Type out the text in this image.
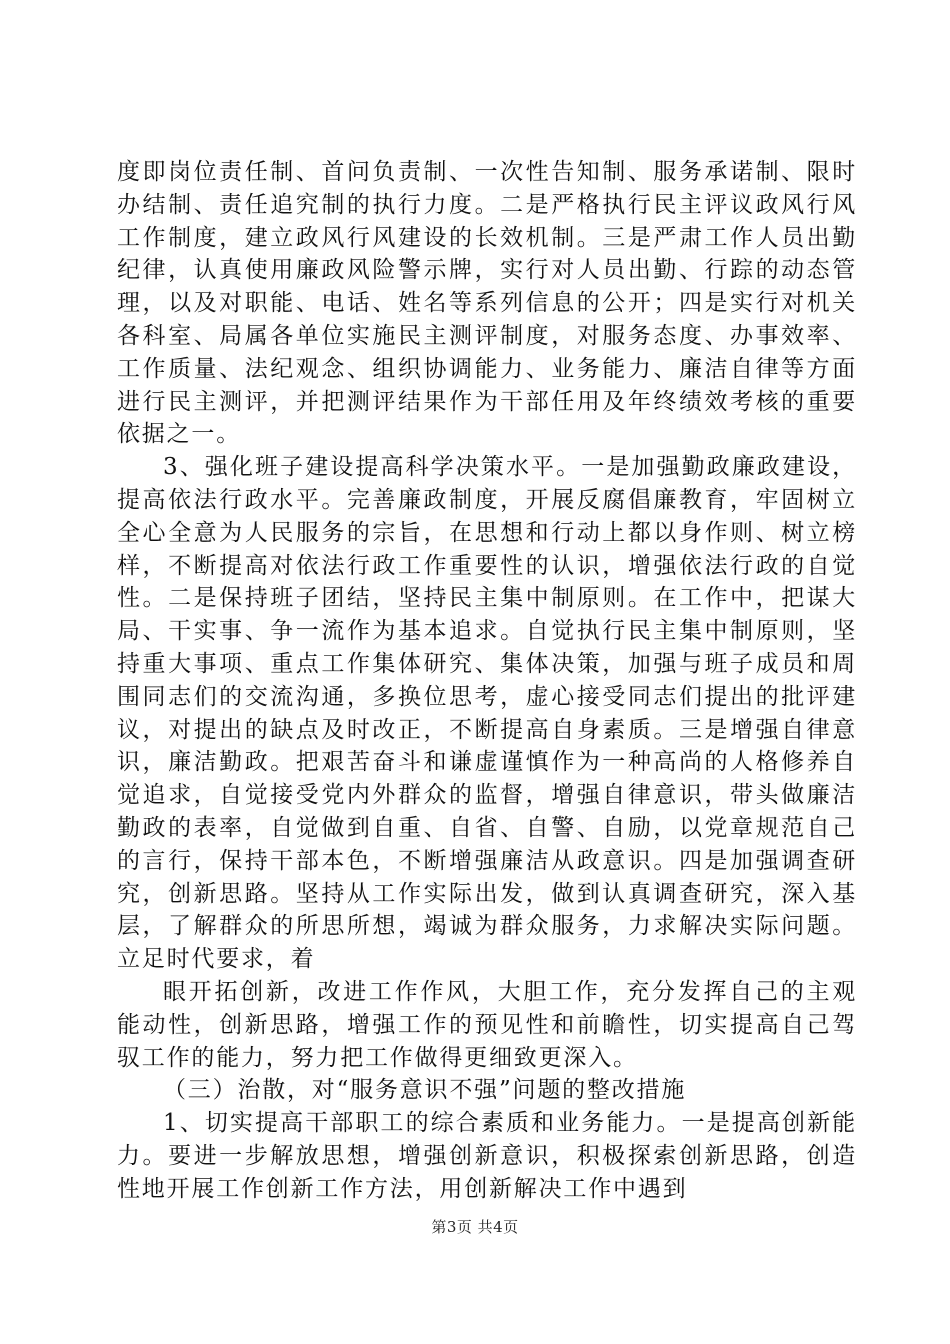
度即岗位责任制、首问负责制、一次性告知制、服务承诺制、限时办结制、责任追究制的执行力度。二是严格执行民主评议政风行风工作制度，建立政风行风建设的长效机制。三是严肃工作人员出勤纪律，认真使用廉政风险警示牌，实行对人员出勤、行踪的动态管理，以及对职能、电话、姓名等系列信息的公开；四是实行对机关各科室、局属各单位实施民主测评制度，对服务态度、办事效率、工作质量、法纪观念、组织协调能力、业务能力、廉洁自律等方面进行民主测评，并把测评结果作为干部任用及年终绩效考核的重要依据之一。

3、强化班子建设提高科学决策水平。一是加强勤政廉政建设，提高依法行政水平。完善廉政制度，开展反腐倡廉教育，牢固树立全心全意为人民服务的宗旨，在思想和行动上都以身作则、树立榜样，不断提高对依法行政工作重要性的认识，增强依法行政的自觉性。二是保持班子团结，坚持民主集中制原则。在工作中，把谋大局、干实事、争一流作为基本追求。自觉执行民主集中制原则，坚持重大事项、重点工作集体研究、集体决策，加强与班子成员和周围同志们的交流沟通，多换位思考，虚心接受同志们提出的批评建议，对提出的缺点及时改正，不断提高自身素质。三是增强自律意识，廉洁勤政。把艰苦奋斗和谦虚谨慎作为一种高尚的人格修养自觉追求，自觉接受党内外群众的监督，增强自律意识，带头做廉洁勤政的表率，自觉做到自重、自省、自警、自励，以党章规范自己的言行，保持干部本色，不断增强廉洁从政意识。四是加强调查研究，创新思路。坚持从工作实际出发，做到认真调查研究，深入基层，了解群众的所思所想，竭诚为群众服务，力求解决实际问题。立足时代要求，着

眼开拓创新，改进工作作风，大胆工作，充分发挥自己的主观能动性，创新思路，增强工作的预见性和前瞻性，切实提高自己驾驭工作的能力，努力把工作做得更细致更深入。

（三）治散，对“服务意识不强”问题的整改措施

1、切实提高干部职工的综合素质和业务能力。一是提高创新能力。要进一步解放思想，增强创新意识，积极探索创新思路，创造性地开展工作创新工作方法，用创新解决工作中遇到

第3页 共4页
